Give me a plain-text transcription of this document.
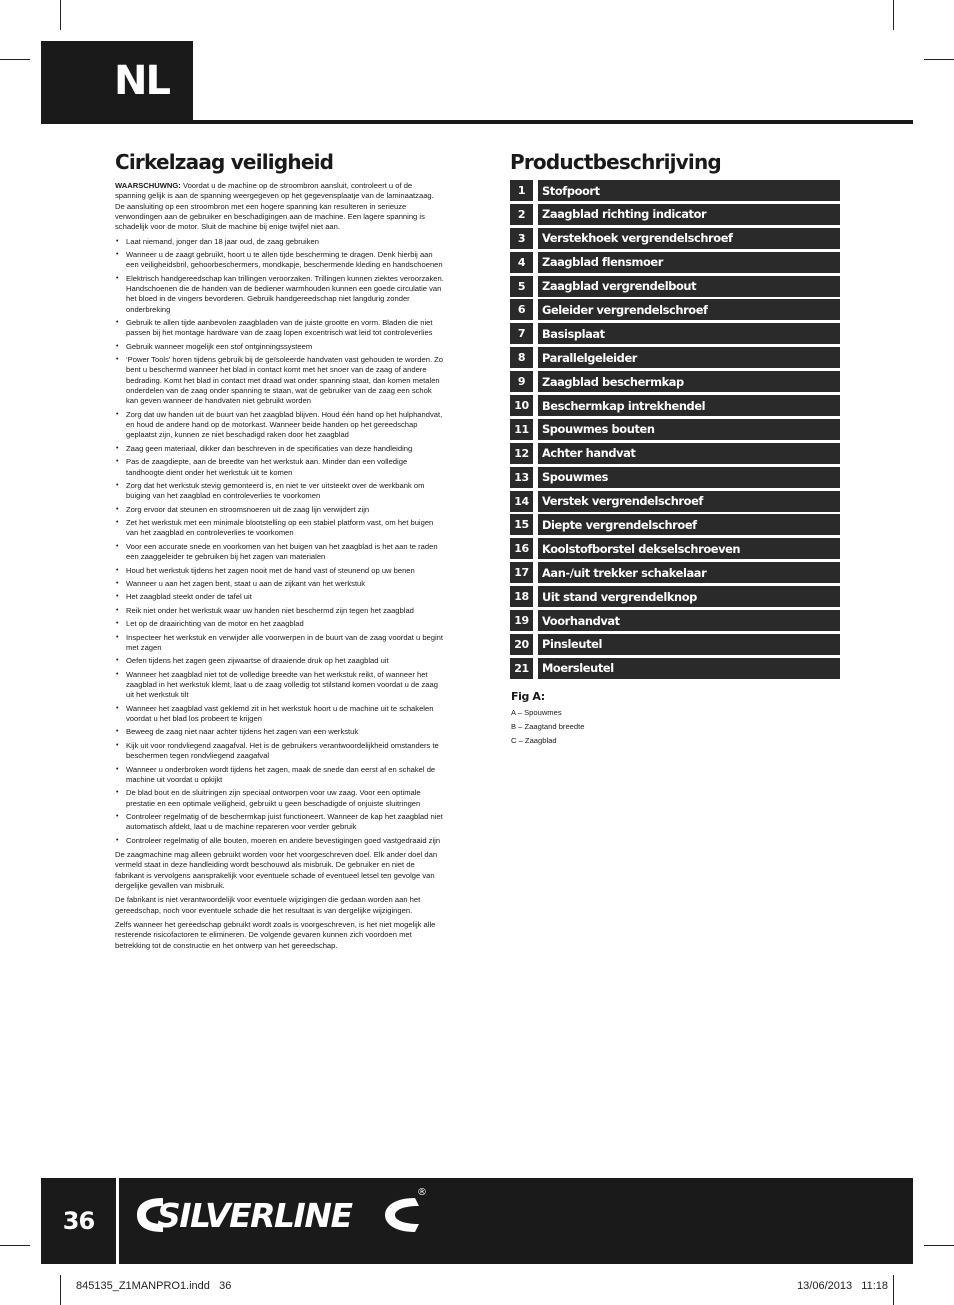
NL
Cirkelzaag veiligheid

WAARSCHUWNG: Voordat u de machine op de stroombron aansluit, controleert u of de spanning gelijk is aan de spanning weergegeven op het gegevensplaatje van de laminaatzaag. De aansluiting op een stroombron met een hogere spanning kan resulteren in serieuze verwondingen aan de gebruiker en beschadigingen aan de machine. Een lagere spanning is schadelijk voor de motor. Sluit de machine bij enige twijfel niet aan.

• Laat niemand, jonger dan 18 jaar oud, de zaag gebruiken
• Wanneer u de zaagt gebruikt, hoort u te allen tijde bescherming te dragen. Denk hierbij aan een veiligheidsbril, gehoorbeschermers, mondkapje, beschermende kleding en handschoenen
• Elektrisch handgereedschap kan trillingen veroorzaken. Trillingen kunnen ziektes veroorzaken. Handschoenen die de handen van de bediener warmhouden kunnen een goede circulatie van het bloed in de vingers bevorderen. Gebruik handgereedschap niet langdurig zonder onderbreking
• Gebruik te allen tijde aanbevolen zaagbladen van de juiste grootte en vorm. Bladen die niet passen bij het montage hardware van de zaag lopen excentrisch wat leid tot controleverlies
• Gebruik wanneer mogelijk een stof ontginningssysteem
• ‘Power Tools’ horen tijdens gebruik bij de geïsoleerde handvaten vast gehouden te worden. Zo bent u beschermd wanneer het blad in contact komt met het snoer van de zaag of andere bedrading. Komt het blad in contact met draad wat onder spanning staat, dan komen metalen onderdelen van de zaag onder spanning te staan, wat de gebruiker van de zaag een schok kan geven wanneer de handvaten niet gebruikt worden
• Zorg dat uw handen uit de buurt van het zaagblad blijven. Houd één hand op het hulphandvat, en houd de andere hand op de motorkast. Wanneer beide handen op het gereedschap geplaatst zijn, kunnen ze niet beschadigd raken door het zaagblad
• Zaag geen materiaal, dikker dan beschreven in de specificaties van deze handleiding
• Pas de zaagdiepte, aan de breedte van het werkstuk aan. Minder dan een volledige tandhoogte dient onder het werkstuk uit te komen
• Zorg dat het werkstuk stevig gemonteerd is, en niet te ver uitsteekt over de werkbank om buiging van het zaagblad en controleverlies te voorkomen
• Zorg ervoor dat steunen en stroomsnoeren uit de zaag lijn verwijdert zijn
• Zet het werkstuk met een minimale blootstelling op een stabiel platform vast, om het buigen van het zaagblad en controleverlies te voorkomen
• Voor een accurate snede en voorkomen van het buigen van het zaagblad is het aan te raden een zaaggeleider te gebruiken bij het zagen van materialen
• Houd het werkstuk tijdens het zagen nooit met de hand vast of steunend op uw benen
• Wanneer u aan het zagen bent, staat u aan de zijkant van het werkstuk
• Het zaagblad steekt onder de tafel uit
• Reik niet onder het werkstuk waar uw handen niet beschermd zijn tegen het zaagblad
• Let op de draairichting van de motor en het zaagblad
• Inspecteer het werkstuk en verwijder alle voorwerpen in de buurt van de zaag voordat u begint met zagen
• Oefen tijdens het zagen geen zijwaartse of draaiende druk op het zaagblad uit
• Wanneer het zaagblad niet tot de volledige breedte van het werkstuk reikt, of wanneer het zaagblad in het werkstuk klemt, laat u de zaag volledig tot stilstand komen voordat u de zaag uit het werkstuk tilt
• Wanneer het zaagblad vast geklemd zit in het werkstuk hoort u de machine uit te schakelen voordat u het blad los probeert te krijgen
• Beweeg de zaag niet naar achter tijdens het zagen van een werkstuk
• Kijk uit voor rondvliegend zaagafval. Het is de gebruikers verantwoordelijkheid omstanders te beschermen tegen rondvliegend zaagafval
• Wanneer u onderbroken wordt tijdens het zagen, maak de snede dan eerst af en schakel de machine uit voordat u opkijkt
• De blad bout en de sluitringen zijn speciaal ontworpen voor uw zaag. Voor een optimale prestatie en een optimale veiligheid, gebruikt u geen beschadigde of onjuiste sluitringen
• Controleer regelmatig of de beschermkap juist functioneert. Wanneer de kap het zaagblad niet automatisch afdekt, laat u de machine repareren voor verder gebruik
• Controleer regelmatig of alle bouten, moeren en andere bevestigingen goed vastgedraaid zijn

De zaagmachine mag alleen gebruikt worden voor het voorgeschreven doel. Elk ander doel dan vermeld staat in deze handleiding wordt beschouwd als misbruik. De gebruiker en niet de fabrikant is vervolgens aansprakelijk voor eventuele schade of eventueel letsel ten gevolge van dergelijke gevallen van misbruik.

De fabrikant is niet verantwoordelijk voor eventuele wijzigingen die gedaan worden aan het gereedschap, noch voor eventuele schade die het resultaat is van dergelijke wijzigingen.

Zelfs wanneer het gereedschap gebruikt wordt zoals is voorgeschreven, is het niet mogelijk alle resterende risicofactoren te elimineren. De volgende gevaren kunnen zich voordoen met betrekking tot de constructie en het ontwerp van het gereedschap.

Productbeschrijving
1	Stofpoort
2	Zaagblad richting indicator
3	Verstekhoek vergrendelschroef
4	Zaagblad flensmoer
5	Zaagblad vergrendelbout
6	Geleider vergrendelschroef
7	Basisplaat
8	Parallelgeleider
9	Zaagblad beschermkap
10	Beschermkap intrekhendel
11	Spouwmes bouten
12	Achter handvat
13	Spouwmes
14	Verstek vergrendelschroef
15	Diepte vergrendelschroef
16	Koolstofborstel dekselschroeven
17	Aan-/uit trekker schakelaar
18	Uit stand vergrendelknop
19	Voorhandvat
20	Pinsleutel
21	Moersleutel

Fig A:

A – Spouwmes

B – Zaagtand breedte

C – Zaagblad

36	SILVERLINE
®
845135_Z1MANPRO1.indd   36	13/06/2013   11:18
